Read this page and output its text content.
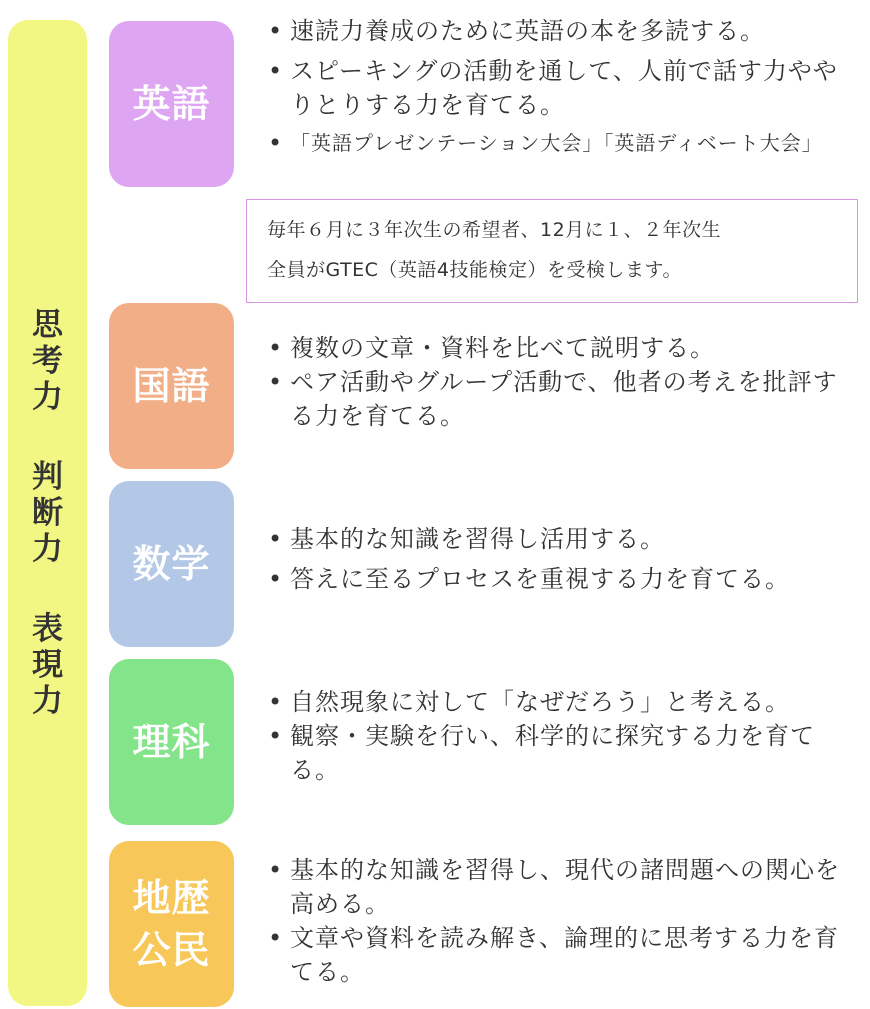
思
考
力
判
断
力
表
現
力
英語
• 速読力養成のために英語の本を多読する。
• スピーキングの活動を通して、人前で話す力ややりとりする力を育てる。
• 「英語プレゼンテーション大会」「英語ディベート大会」
毎年６月に３年次生の希望者、12月に１、２年次生
全員がGTEC（英語4技能検定）を受検します。
国語
• 複数の文章・資料を比べて説明する。
• ペア活動やグループ活動で、他者の考えを批評する力を育てる。
数学
• 基本的な知識を習得し活用する。
• 答えに至るプロセスを重視する力を育てる。
理科
• 自然現象に対して「なぜだろう」と考える。
• 観察・実験を行い、科学的に探究する力を育てる。
地歴
公民
• 基本的な知識を習得し、現代の諸問題への関心を高める。
• 文章や資料を読み解き、論理的に思考する力を育てる。
